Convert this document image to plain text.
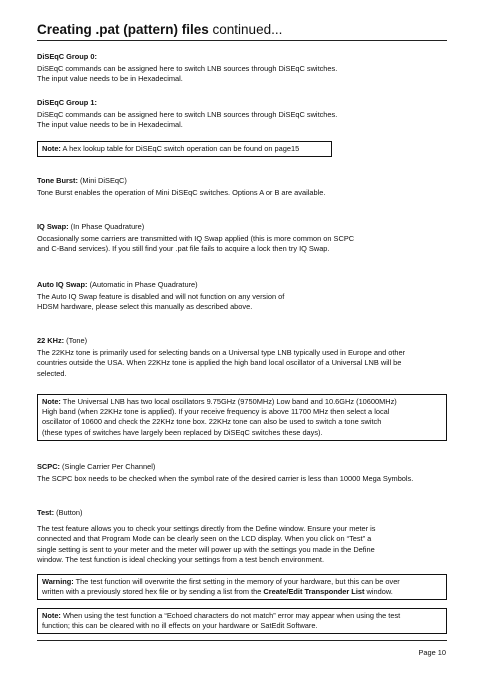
Creating .pat (pattern) files continued...
DiSEqC Group 0:

DiSEqC commands can be assigned here to switch LNB sources through DiSEqC switches.

The input value needs to be in Hexadecimal.

DiSEqC Group 1:

DiSEqC commands can be assigned here to switch LNB sources through DiSEqC switches.

The input value needs to be in Hexadecimal.

Note: A hex lookup table for DiSEqC switch operation can be found on page15
Tone Burst: (Mini DiSEqC)

Tone Burst enables the operation of Mini DiSEqC switches. Options A or B are available.

IQ Swap: (In Phase Quadrature)

Occasionally some carriers are transmitted with IQ Swap applied (this is more common on SCPC

and C-Band services). If you still find your .pat file fails to acquire a lock then try IQ Swap.

Auto IQ Swap: (Automatic in Phase Quadrature)

The Auto IQ Swap feature is disabled and will not function on any version of

HDSM hardware, please select this manually as described above.

22 KHz: (Tone)

The 22KHz tone is primarily used for selecting bands on a Universal type LNB typically used in Europe and other

countries outside the USA. When 22KHz tone is applied the high band local oscillator of a Universal LNB will be

selected.

Note: The Universal LNB has two local oscillators 9.75GHz (9750MHz) Low band and 10.6GHz (10600MHz)
High band (when 22KHz tone is applied). If your receive frequency is above 11700 MHz then select a local
oscillator of 10600 and check the 22KHz tone box. 22KHz tone can also be used to switch a tone switch
(these types of switches have largely been replaced by DiSEqC switches these days).
SCPC: (Single Carrier Per Channel)

The SCPC box needs to be checked when the symbol rate of the desired carrier is less than 10000 Mega Symbols.

Test: (Button)

The test feature allows you to check your settings directly from the Define window. Ensure your meter is

connected and that Program Mode can be clearly seen on the LCD display. When you click on “Test” a

single setting is sent to your meter and the meter will power up with the settings you made in the Define

window. The test function is ideal checking your settings from a test bench environment.

Warning: The test function will overwrite the first setting in the memory of your hardware, but this can be over
written with a previously stored hex file or by sending a list from the Create/Edit Transponder List window.
Note: When using the test function a “Echoed characters do not match” error may appear when using the test
function; this can be cleared with no ill effects on your hardware or SatEdit Software.
Page 10
